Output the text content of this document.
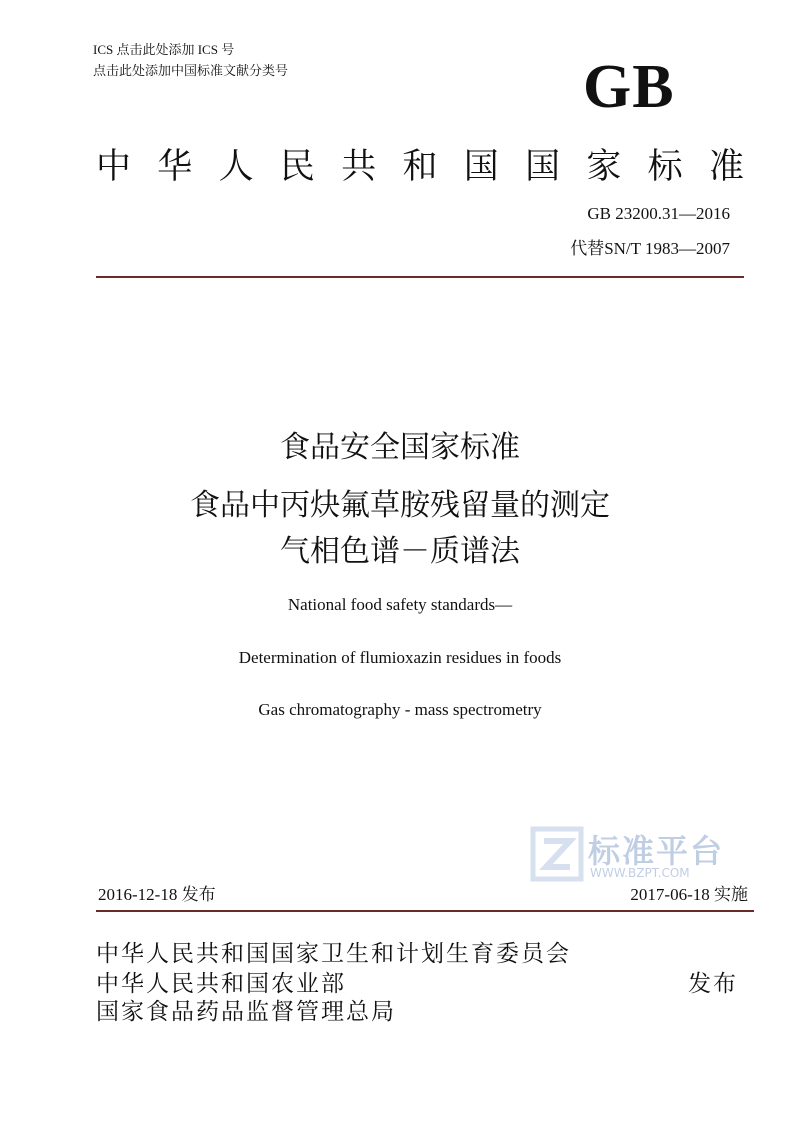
ICS 点击此处添加 ICS 号
点击此处添加中国标准文献分类号	GB
中 华 人 民 共 和 国 国 家 标 准
GB 23200.31—2016
代替SN/T 1983—2007
食品安全国家标准
食品中丙炔氟草胺残留量的测定
气相色谱－质谱法
National food safety standards—
Determination of flumioxazin residues in foods
Gas chromatography - mass spectrometry
标准平台
WWW.BZPT.COM
2016-12-18 发布	2017-06-18 实施
中华人民共和国国家卫生和计划生育委员会
中华人民共和国农业部
国家食品药品监督管理总局
发布
